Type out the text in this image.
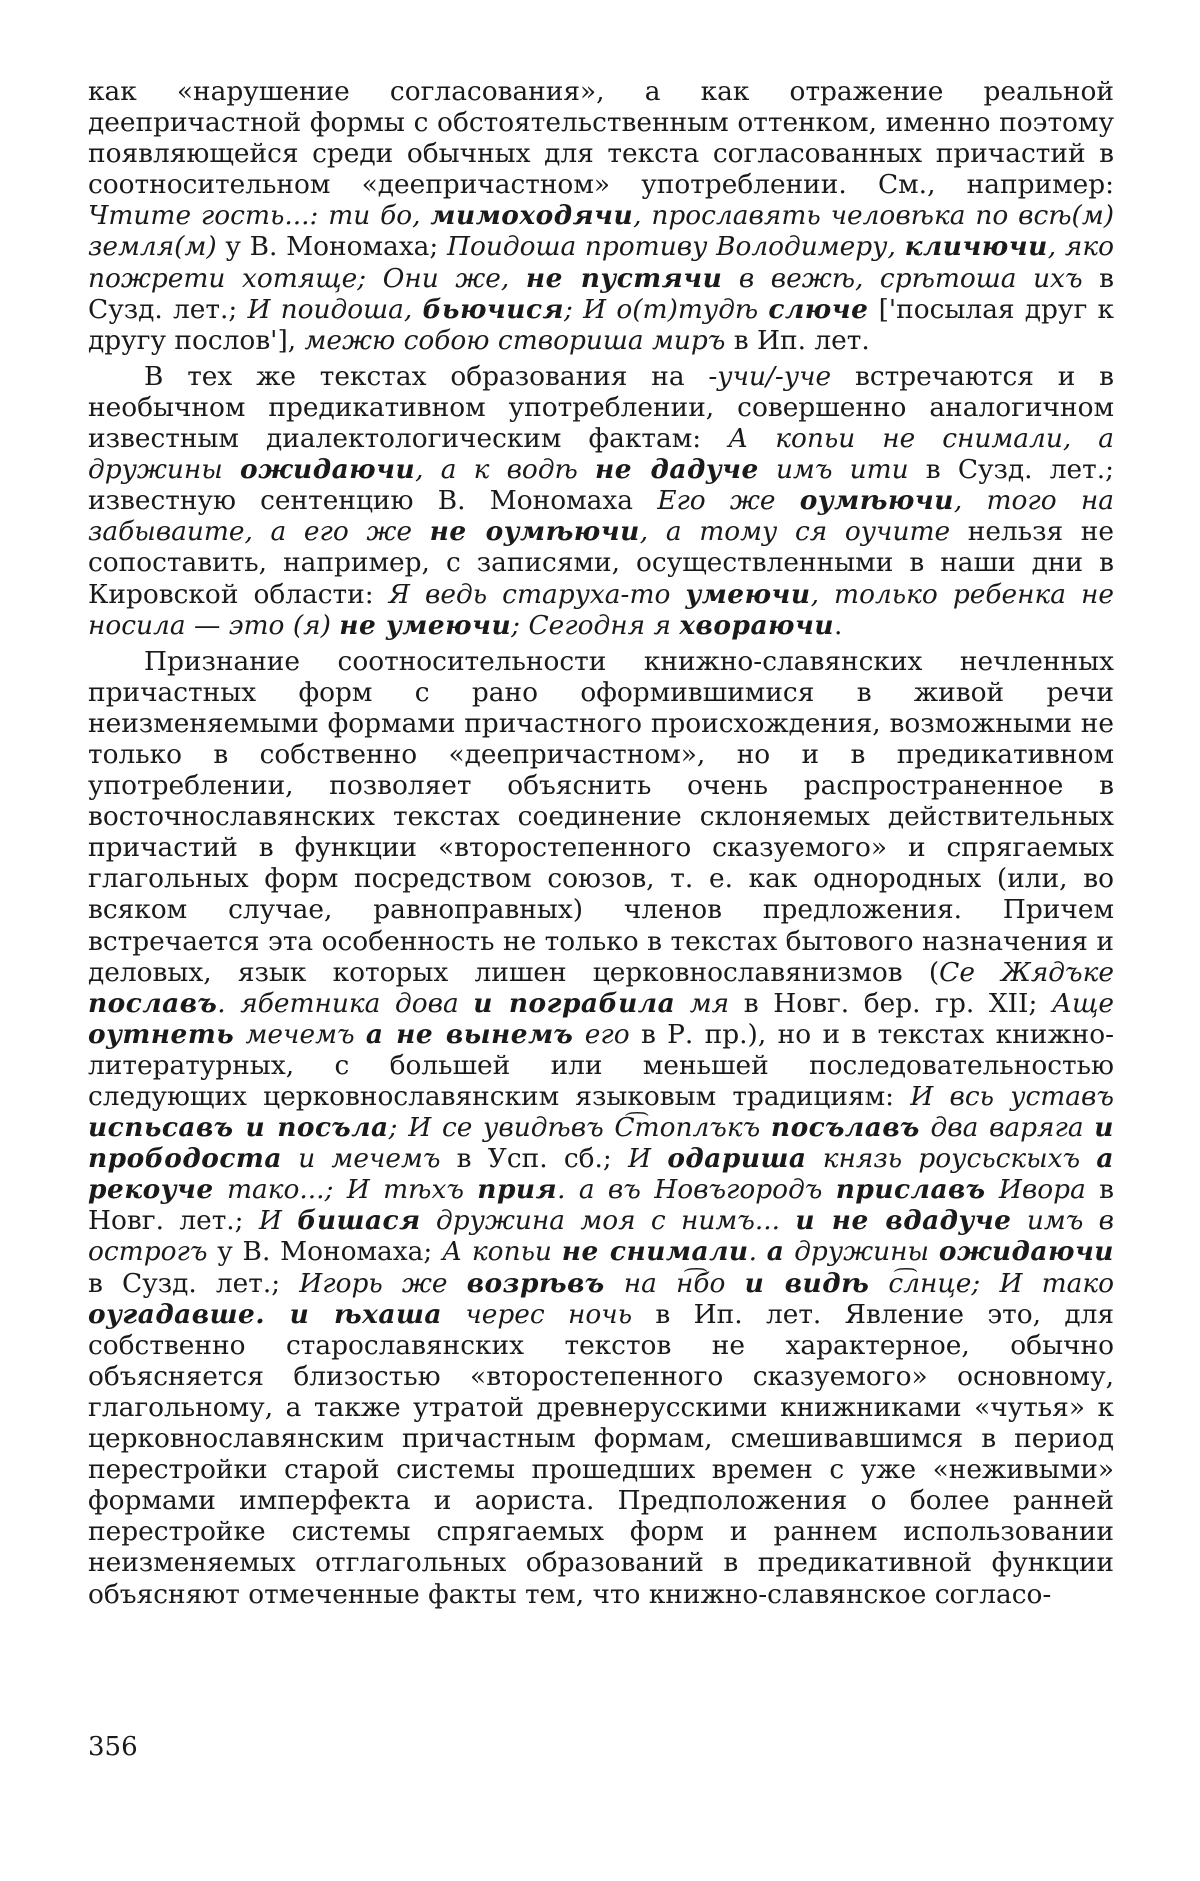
как «нарушение согласования», а как отражение реальной деепричастной формы с обстоятельственным оттенком, именно поэтому появляющейся среди обычных для текста согласованных причастий в соотносительном «деепричастном» употреблении. См., например: Чтите гость...: ти бо, мимоходячи, прославять человѣка по всѣ(м) земля(м) у В. Мономаха; Поидоша противу Володимеру, кличючи, яко пожрети хотяще; Они же, не пустячи в вежѣ, срѣтоша ихъ в Сузд. лет.; И поидоша, бьючися; И о(т)тудѣ слюче ['посылая друг к другу послов'], межю собою створиша миръ в Ип. лет.

В тех же текстах образования на -учи/-уче встречаются и в необычном предикативном употреблении, совершенно аналогичном известным диалектологическим фактам: А копьи не снимали, а дружины ожидаючи, а к водѣ не дадуче имъ ити в Сузд. лет.; известную сентенцию В. Мономаха Его же оумѣючи, того на забываите, а его же не оумѣючи, а тому ся оучите нельзя не сопоставить, например, с записями, осуществленными в наши дни в Кировской области: Я ведь старуха-то умеючи, только ребенка не носила — это (я) не умеючи; Сегодня я хвораючи.

Признание соотносительности книжно-славянских нечленных причастных форм с рано оформившимися в живой речи неизменяемыми формами причастного происхождения, возможными не только в собственно «деепричастном», но и в предикативном употреблении, позволяет объяснить очень распространенное в восточнославянских текстах соединение склоняемых действительных причастий в функции «второстепенного сказуемого» и спрягаемых глагольных форм посредством союзов, т. е. как однородных (или, во всяком случае, равноправных) членов предложения. Причем встречается эта особенность не только в текстах бытового назначения и деловых, язык которых лишен церковнославянизмов (Се Жядъке пославъ. ябетника дова и пограбила мя в Новг. бер. гр. XII; Аще оутнеть мечемъ а не вынемъ его в Р. пр.), но и в текстах книжно-литературных, с большей или меньшей последовательностью следующих церковнославянским языковым традициям: И всь уставъ испьсавъ и посъла; И се увидѣвъ С͡топлъкъ посълавъ два варяга и прободоста и мечемъ в Усп. сб.; И одариша князь роусьскыхъ а рекоуче тако...; И тѣхъ прия. а въ Новъгородъ приславъ Ивора в Новг. лет.; И бишася дружина моя с нимъ... и не вдадуче имъ в острогъ у В. Мономаха; А копьи не снимали. а дружины ожидаючи в Сузд. лет.; Игорь же возрѣвъ на н͡бо и видѣ с͡лнце; И тако оугадавше. и ѣхаша черес ночь в Ип. лет. Явление это, для собственно старославянских текстов не характерное, обычно объясняется близостью «второстепенного сказуемого» основному, глагольному, а также утратой древнерусскими книжниками «чутья» к церковнославянским причастным формам, смешивавшимся в период перестройки старой системы прошедших времен с уже «неживыми» формами имперфекта и аориста. Предположения о более ранней перестройке системы спрягаемых форм и раннем использовании неизменяемых отглагольных образований в предикативной функции объясняют отмеченные факты тем, что книжно-славянское согласо-

356
